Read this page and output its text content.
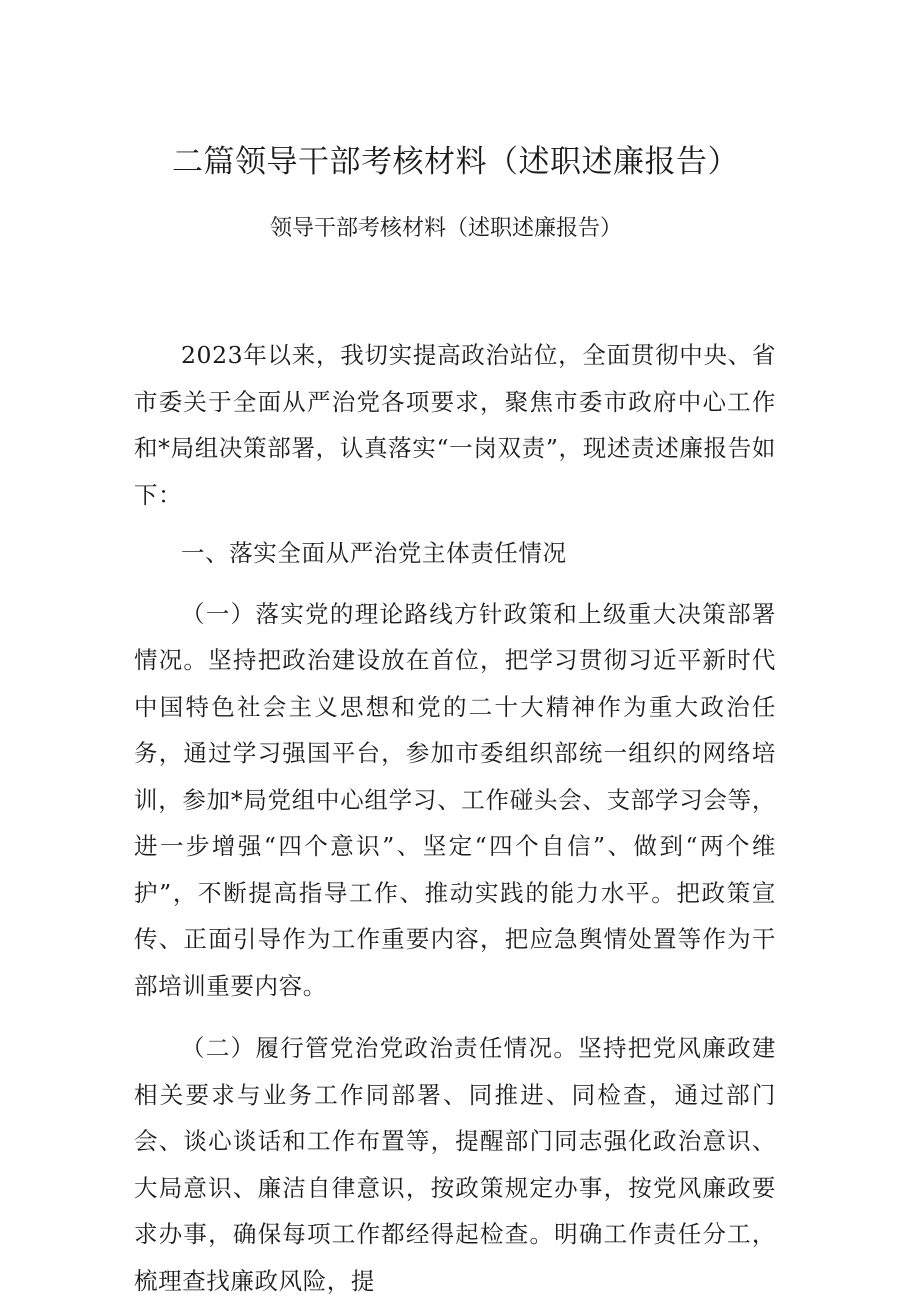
二篇领导干部考核材料（述职述廉报告）
领导干部考核材料（述职述廉报告）

2023年以来，我切实提高政治站位，全面贯彻中央、省市委关于全面从严治党各项要求，聚焦市委市政府中心工作和*局组决策部署，认真落实“一岗双责”，现述责述廉报告如下：

一、落实全面从严治党主体责任情况

（一）落实党的理论路线方针政策和上级重大决策部署情况。坚持把政治建设放在首位，把学习贯彻习近平新时代中国特色社会主义思想和党的二十大精神作为重大政治任务，通过学习强国平台，参加市委组织部统一组织的网络培训，参加*局党组中心组学习、工作碰头会、支部学习会等，进一步增强“四个意识”、坚定“四个自信”、做到“两个维护”，不断提高指导工作、推动实践的能力水平。把政策宣传、正面引导作为工作重要内容，把应急舆情处置等作为干部培训重要内容。

（二）履行管党治党政治责任情况。坚持把党风廉政建相关要求与业务工作同部署、同推进、同检查，通过部门会、谈心谈话和工作布置等，提醒部门同志强化政治意识、大局意识、廉洁自律意识，按政策规定办事，按党风廉政要求办事，确保每项工作都经得起检查。明确工作责任分工，梳理查找廉政风险，提
